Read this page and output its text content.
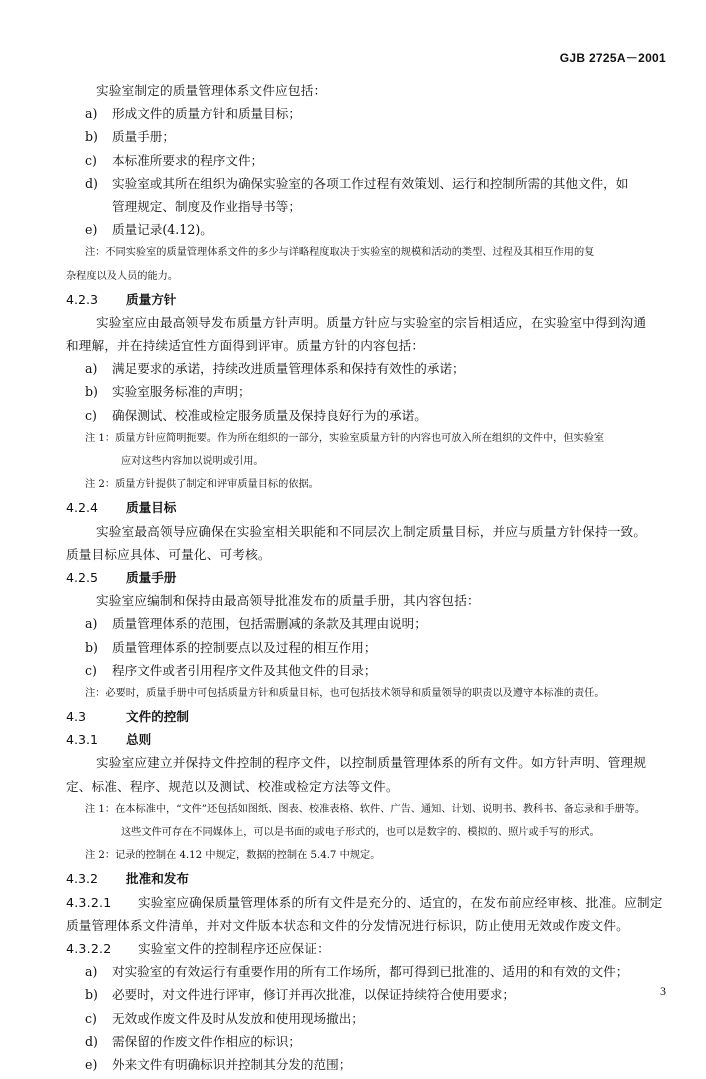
GJB 2725A－2001
实验室制定的质量管理体系文件应包括：
a) 形成文件的质量方针和质量目标；
b) 质量手册；
c) 本标准所要求的程序文件；
d) 实验室或其所在组织为确保实验室的各项工作过程有效策划、运行和控制所需的其他文件，如
管理规定、制度及作业指导书等；
e) 质量记录(4.12)。
注：不同实验室的质量管理体系文件的多少与详略程度取决于实验室的规模和活动的类型、过程及其相互作用的复
杂程度以及人员的能力。
4.2.3 质量方针
实验室应由最高领导发布质量方针声明。质量方针应与实验室的宗旨相适应，在实验室中得到沟通
和理解，并在持续适宜性方面得到评审。质量方针的内容包括：
a) 满足要求的承诺，持续改进质量管理体系和保持有效性的承诺；
b) 实验室服务标准的声明；
c) 确保测试、校准或检定服务质量及保持良好行为的承诺。
注 1：质量方针应简明扼要。作为所在组织的一部分，实验室质量方针的内容也可放入所在组织的文件中，但实验室
应对这些内容加以说明或引用。
注 2：质量方针提供了制定和评审质量目标的依据。
4.2.4 质量目标
实验室最高领导应确保在实验室相关职能和不同层次上制定质量目标，并应与质量方针保持一致。
质量目标应具体、可量化、可考核。
4.2.5 质量手册
实验室应编制和保持由最高领导批准发布的质量手册，其内容包括：
a) 质量管理体系的范围，包括需删减的条款及其理由说明；
b) 质量管理体系的控制要点以及过程的相互作用；
c) 程序文件或者引用程序文件及其他文件的目录；
注：必要时，质量手册中可包括质量方针和质量目标，也可包括技术领导和质量领导的职责以及遵守本标准的责任。
4.3	文件的控制
4.3.1 总则
实验室应建立并保持文件控制的程序文件，以控制质量管理体系的所有文件。如方针声明、管理规
定、标准、程序、规范以及测试、校准或检定方法等文件。
注 1：在本标准中，“文件”还包括如图纸、图表、校准表格、软件、广告、通知、计划、说明书、教科书、备忘录和手册等。
这些文件可存在不同媒体上，可以是书面的或电子形式的，也可以是数字的、模拟的、照片或手写的形式。
注 2：记录的控制在 4.12 中规定，数据的控制在 5.4.7 中规定。
4.3.2 批准和发布
4.3.2.1 实验室应确保质量管理体系的所有文件是充分的、适宜的，在发布前应经审核、批准。应制定
质量管理体系文件清单，并对文件版本状态和文件的分发情况进行标识，防止使用无效或作废文件。
4.3.2.2 实验室文件的控制程序还应保证：
a) 对实验室的有效运行有重要作用的所有工作场所，都可得到已批准的、适用的和有效的文件；
b) 必要时，对文件进行评审，修订并再次批准，以保证持续符合使用要求；
c) 无效或作废文件及时从发放和使用现场撤出；
d) 需保留的作废文件作相应的标识；
e) 外来文件有明确标识并控制其分发的范围；
3
